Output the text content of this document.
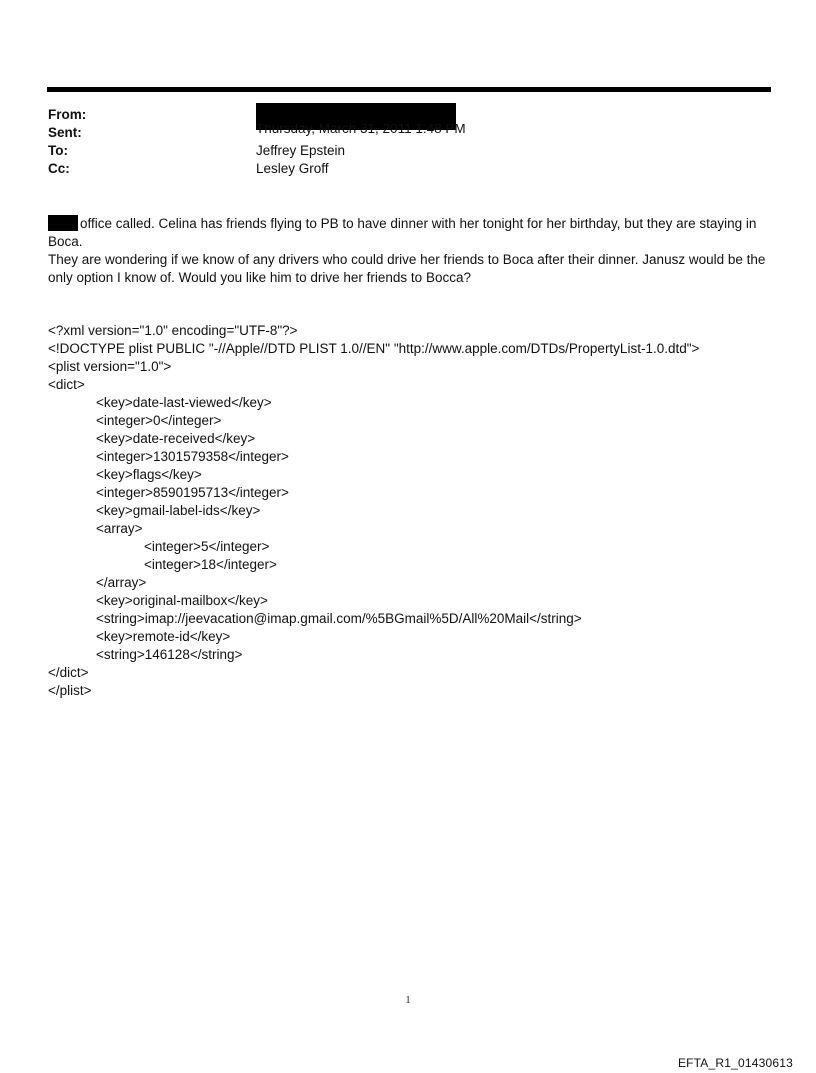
From:
Sent:	Thursday, March 31, 2011 1:48 PM
To:	Jeffrey Epstein
Cc:	Lesley Groff

office called. Celina has friends flying to PB to have dinner with her tonight for her birthday, but they are staying in Boca.

They are wondering if we know of any drivers who could drive her friends to Boca after their dinner. Janusz would be the only option I know of. Would you like him to drive her friends to Bocca?

<?xml version="1.0" encoding="UTF-8"?>
<!DOCTYPE plist PUBLIC "-//Apple//DTD PLIST 1.0//EN" "http://www.apple.com/DTDs/PropertyList-1.0.dtd">
<plist version="1.0">
<dict>
<key>date-last-viewed</key>
<integer>0</integer>
<key>date-received</key>
<integer>1301579358</integer>
<key>flags</key>
<integer>8590195713</integer>
<key>gmail-label-ids</key>
<array>
<integer>5</integer>
<integer>18</integer>
</array>
<key>original-mailbox</key>
<string>imap://jeevacation@imap.gmail.com/%5BGmail%5D/All%20Mail</string>
<key>remote-id</key>
<string>146128</string>
</dict>
</plist>
1
EFTA_R1_01430613
